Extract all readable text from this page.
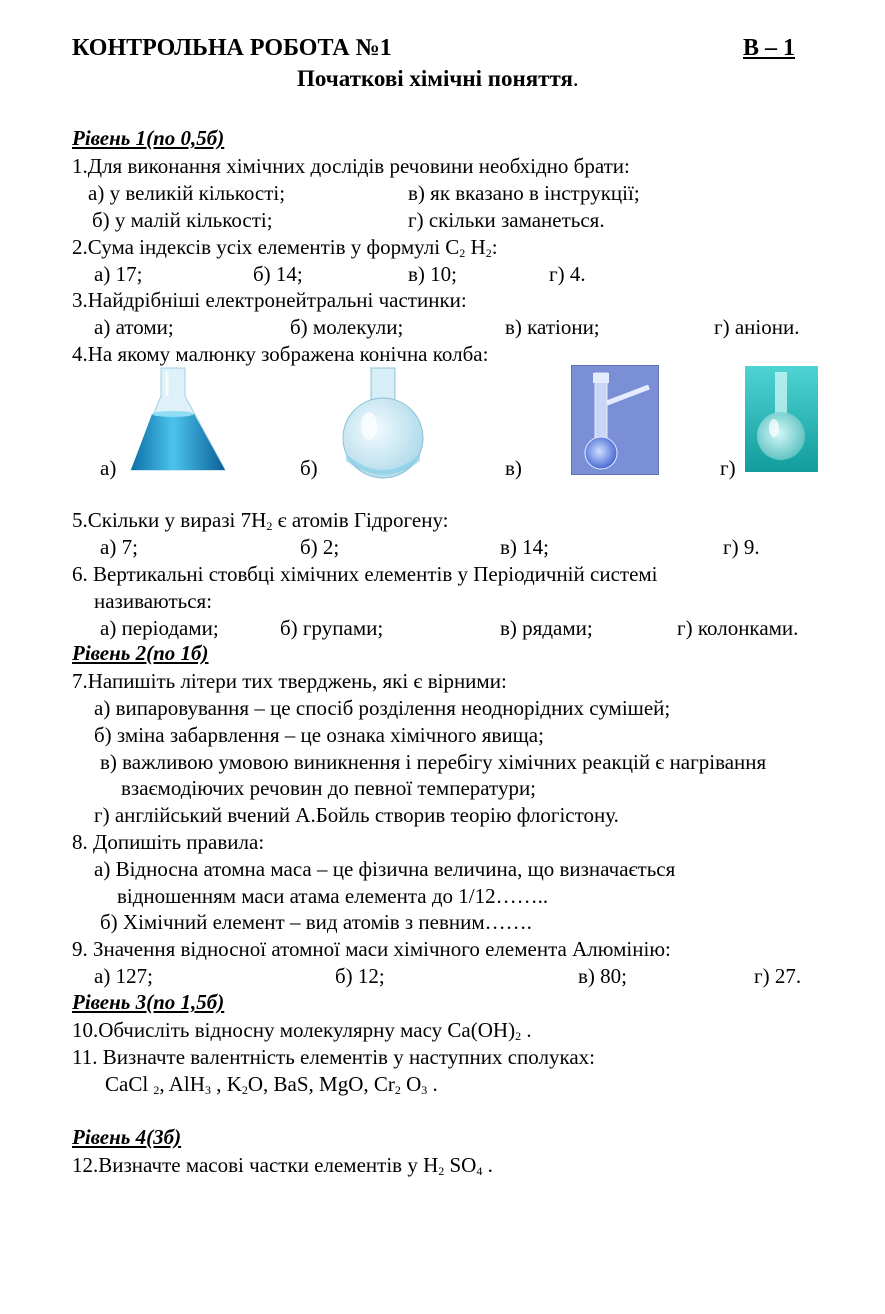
КОНТРОЛЬНА РОБОТА №1	В – 1
Початкові хімічні поняття.
Рівень 1(по 0,5б)
1.Для виконання хімічних дослідів речовини необхідно брати:
а) у великій кількості;	в) як вказано в інструкції;
б) у малій кількості;	г) скільки заманеться.
2.Сума індексів усіх елементів у формулі $С_2$ $Н_2$:
а) 17;	б) 14;	в) 10;	г) 4.
3.Найдрібніші електронейтральні частинки:
а) атоми;	б) молекули;	в) катіони;	г) аніони.
4.На якому малюнку зображена конічна колба:
а)	б)	в)	г)
5.Скільки у виразі $7Н_2$ є атомів Гідрогену:
а) 7;	б) 2;	в) 14;	г) 9.
6. Вертикальні стовбці хімічних елементів у Періодичній системі
називаються:
а) періодами;	б) групами;	в) рядами;	г) колонками.
Рівень 2(по 1б)
7.Напишіть літери тих тверджень, які є вірними:
а) випаровування – це спосіб розділення неоднорідних сумішей;
б) зміна забарвлення – це ознака хімічного явища;
в) важливою умовою виникнення і перебігу хімічних реакцій є нагрівання
взаємодіючих речовин до певної температури;
г) англійський вчений А.Бойль створив теорію флогістону.
8. Допишіть правила:
а) Відносна атомна маса – це фізична величина, що визначається
відношенням маси атама елемента до 1/12……..
б) Хімічний елемент – вид атомів з певним…….
9. Значення відносної атомної маси хімічного елемента Алюмінію:
а) 127;	б) 12;	в) 80;	г) 27.
Рівень 3(по 1,5б)
10.Обчисліть відносну молекулярну масу $Са(ОН)_2$ .
11. Визначте валентність елементів у наступних сполуках:
CaCl $_2$, AlH$_3$ , $K_2O$, BaS, MgO, $Cr_2$ $O_3$ .
Рівень 4(3б)
12.Визначте масові частки елементів у $Н_2$ $SO_4$ .
